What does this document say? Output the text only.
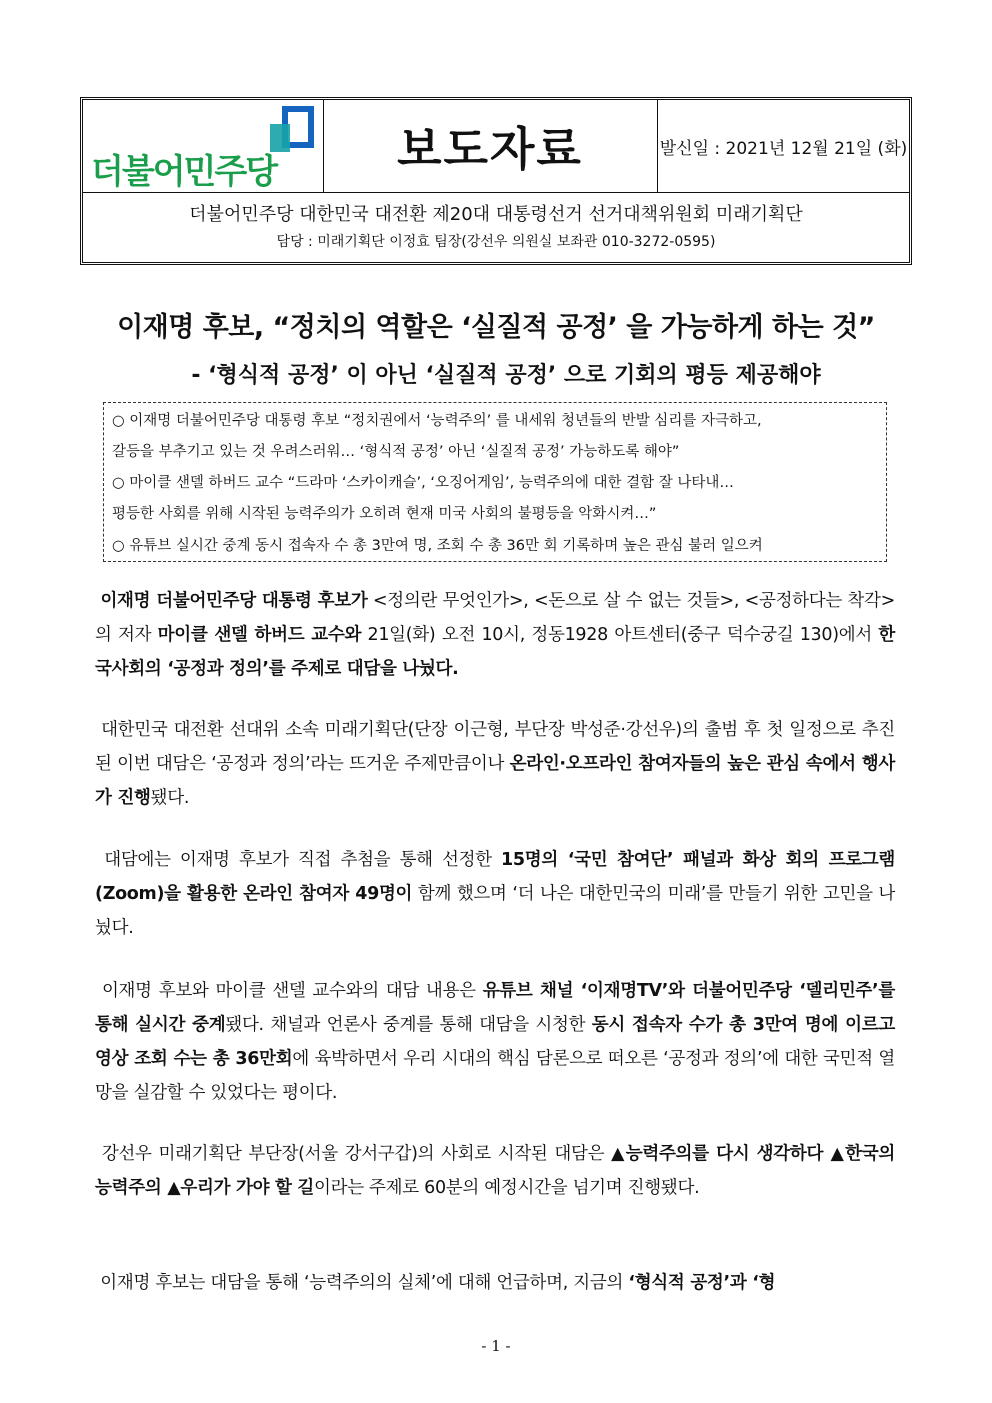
더불어민주당	보도자료	발신일 : 2021년 12월 21일 (화)
더불어민주당 대한민국 대전환 제20대 대통령선거 선거대책위원회 미래기획단
담당 : 미래기획단 이정효 팀장(강선우 의원실 보좌관 010-3272-0595)
이재명 후보, “정치의 역할은 ‘실질적 공정’ 을 가능하게 하는 것”
- ‘형식적 공정’ 이 아닌 ‘실질적 공정’ 으로 기회의 평등 제공해야
○ 이재명 더불어민주당 대통령 후보 “정치권에서 ‘능력주의’ 를 내세워 청년들의 반발 심리를 자극하고,
갈등을 부추기고 있는 것 우려스러워… ‘형식적 공정’ 아닌 ‘실질적 공정’ 가능하도록 해야”
○ 마이클 샌델 하버드 교수 “드라마 ‘스카이캐슬’, ‘오징어게임’, 능력주의에 대한 결함 잘 나타내…
평등한 사회를 위해 시작된 능력주의가 오히려 현재 미국 사회의 불평등을 악화시켜…”
○ 유튜브 실시간 중계 동시 접속자 수 총 3만여 명, 조회 수 총 36만 회 기록하며 높은 관심 불러 일으켜
이재명 더불어민주당 대통령 후보가 <정의란 무엇인가>, <돈으로 살 수 없는 것들>, <공정하다는 착각>의 저자 마이클 샌델 하버드 교수와 21일(화) 오전 10시, 정동1928 아트센터(중구 덕수궁길 130)에서 한국사회의 ‘공정과 정의’를 주제로 대담을 나눴다.
대한민국 대전환 선대위 소속 미래기획단(단장 이근형, 부단장 박성준·강선우)의 출범 후 첫 일정으로 추진된 이번 대담은 ‘공정과 정의’라는 뜨거운 주제만큼이나 온라인·오프라인 참여자들의 높은 관심 속에서 행사가 진행됐다.
대담에는 이재명 후보가 직접 추첨을 통해 선정한 15명의 ‘국민 참여단’ 패널과 화상 회의 프로그램(Zoom)을 활용한 온라인 참여자 49명이 함께 했으며 ‘더 나은 대한민국의 미래’를 만들기 위한 고민을 나눴다.
이재명 후보와 마이클 샌델 교수와의 대담 내용은 유튜브 채널 ‘이재명TV’와 더불어민주당 ‘델리민주’를 통해 실시간 중계됐다. 채널과 언론사 중계를 통해 대담을 시청한 동시 접속자 수가 총 3만여 명에 이르고 영상 조회 수는 총 36만회에 육박하면서 우리 시대의 핵심 담론으로 떠오른 ‘공정과 정의’에 대한 국민적 열망을 실감할 수 있었다는 평이다.
강선우 미래기획단 부단장(서울 강서구갑)의 사회로 시작된 대담은 ▲능력주의를 다시 생각하다 ▲한국의 능력주의 ▲우리가 가야 할 길이라는 주제로 60분의 예정시간을 넘기며 진행됐다.
이재명 후보는 대담을 통해 ‘능력주의의 실체’에 대해 언급하며, 지금의 ‘형식적 공정’과 ‘형
- 1 -
